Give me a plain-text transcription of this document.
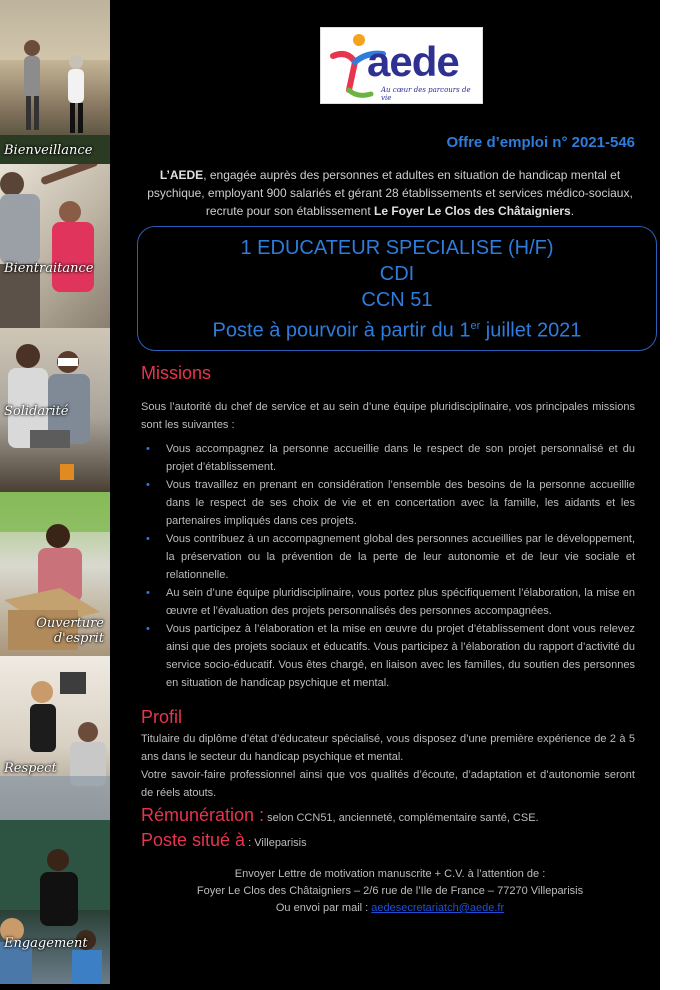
Bienveillance
Bientraitance
Solidarité
Ouverture d'esprit
Respect
Engagement
aede
Au cœur des parcours de vie
Offre d’emploi n° 2021-546
L’AEDE, engagée auprès des personnes et adultes en situation de handicap mental et psychique, employant 900 salariés et gérant 28 établissements et services médico-sociaux, recrute pour son établissement Le Foyer Le Clos des Châtaigniers.
1 EDUCATEUR SPECIALISE (H/F)
CDI
CCN 51
Poste à pourvoir à partir du 1er juillet 2021
Missions
Sous l’autorité du chef de service et au sein d’une équipe pluridisciplinaire, vos principales missions sont les suivantes :
• Vous accompagnez la personne accueillie dans le respect de son projet personnalisé et du projet d’établissement.
• Vous travaillez en prenant en considération l’ensemble des besoins de la personne accueillie dans le respect de ses choix de vie et en concertation avec la famille, les aidants et les partenaires impliqués dans ces projets.
• Vous contribuez à un accompagnement global des personnes accueillies par le développement, la préservation ou la prévention de la perte de leur autonomie et de leur vie sociale et relationnelle.
• Au sein d’une équipe pluridisciplinaire, vous portez plus spécifiquement l’élaboration, la mise en œuvre et l’évaluation des projets personnalisés des personnes accompagnées.
• Vous participez à l’élaboration et la mise en œuvre du projet d’établissement dont vous relevez ainsi que des projets sociaux et éducatifs. Vous participez à l’élaboration du rapport d’activité du service socio-éducatif. Vous êtes chargé, en liaison avec les familles, du soutien des personnes en situation de handicap psychique et mental.
Profil
Titulaire du diplôme d’état d’éducateur spécialisé, vous disposez d’une première expérience de 2 à 5 ans dans le secteur du handicap psychique et mental.
Votre savoir-faire professionnel ainsi que vos qualités d’écoute, d’adaptation et d’autonomie seront de réels atouts.
Rémunération : selon CCN51, ancienneté, complémentaire santé, CSE.
Poste situé à : Villeparisis
Envoyer Lettre de motivation manuscrite + C.V. à l’attention de :
Foyer Le Clos des Châtaigniers – 2/6 rue de l’Ile de France – 77270 Villeparisis
Ou envoi par mail : aedesecretariatch@aede.fr
